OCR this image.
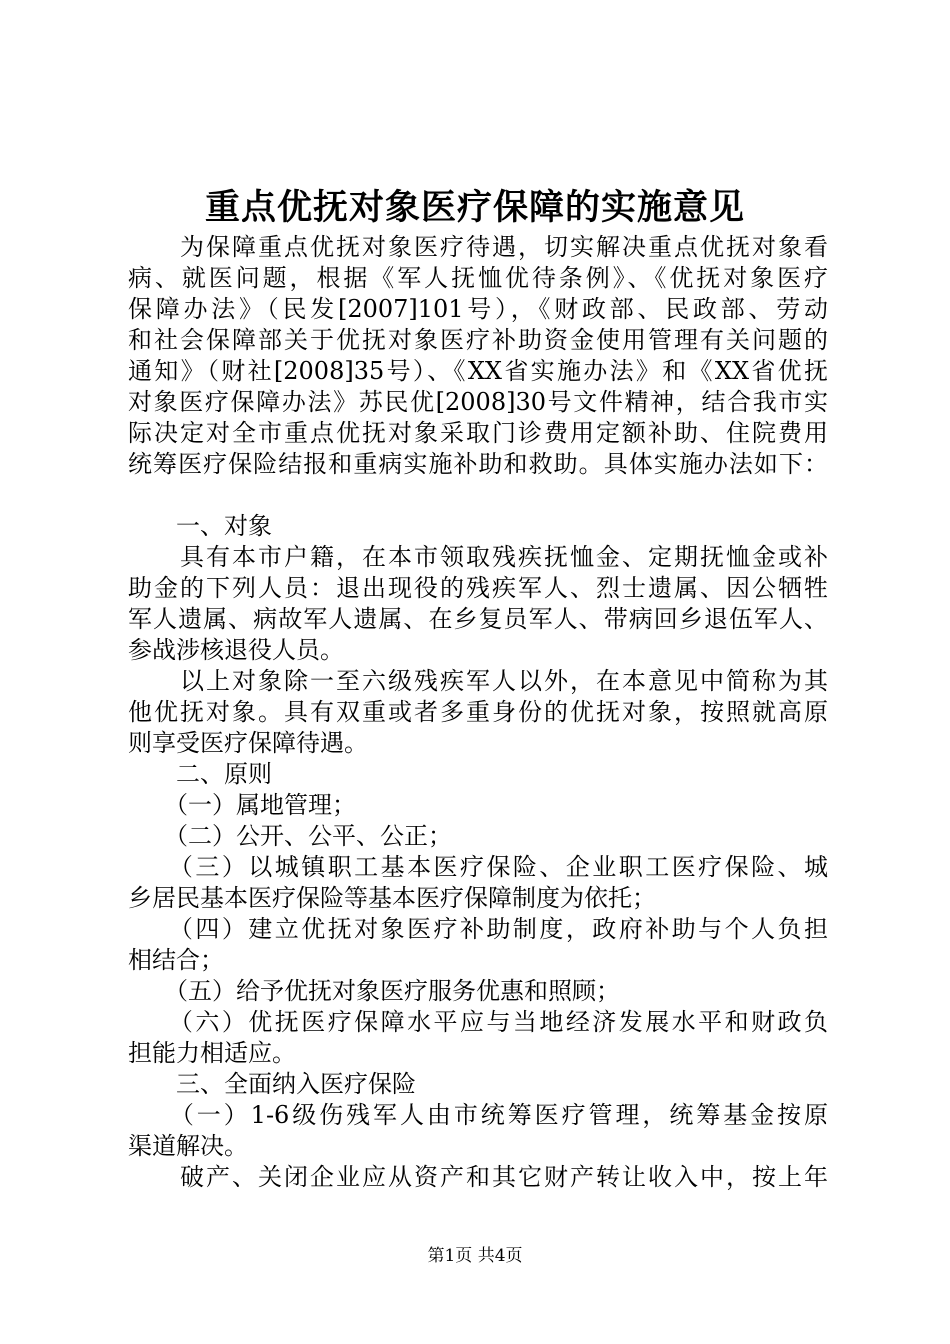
重点优抚对象医疗保障的实施意见
　　为保障重点优抚对象医疗待遇，切实解决重点优抚对象看
病、就医问题，根据《军人抚恤优待条例》、《优抚对象医疗
保障办法》（民发[2007]101号），《财政部、民政部、劳动
和社会保障部关于优抚对象医疗补助资金使用管理有关问题的
通知》（财社[2008]35号）、《XX省实施办法》和《XX省优抚
对象医疗保障办法》苏民优[2008]30号文件精神，结合我市实
际决定对全市重点优抚对象采取门诊费用定额补助、住院费用
统筹医疗保险结报和重病实施补助和救助。具体实施办法如下：
　　一、对象
　　具有本市户籍，在本市领取残疾抚恤金、定期抚恤金或补
助金的下列人员：退出现役的残疾军人、烈士遗属、因公牺牲
军人遗属、病故军人遗属、在乡复员军人、带病回乡退伍军人、
参战涉核退役人员。
　　以上对象除一至六级残疾军人以外，在本意见中简称为其
他优抚对象。具有双重或者多重身份的优抚对象，按照就高原
则享受医疗保障待遇。
　　二、原则
　　（一）属地管理；
　　（二）公开、公平、公正；
　　（三）以城镇职工基本医疗保险、企业职工医疗保险、城
乡居民基本医疗保险等基本医疗保障制度为依托；
　　（四）建立优抚对象医疗补助制度，政府补助与个人负担
相结合；
　　（五）给予优抚对象医疗服务优惠和照顾；
　　（六）优抚医疗保障水平应与当地经济发展水平和财政负
担能力相适应。
　　三、全面纳入医疗保险
　　（一）1-6级伤残军人由市统筹医疗管理，统筹基金按原
渠道解决。
　　破产、关闭企业应从资产和其它财产转让收入中，按上年
第1页 共4页
